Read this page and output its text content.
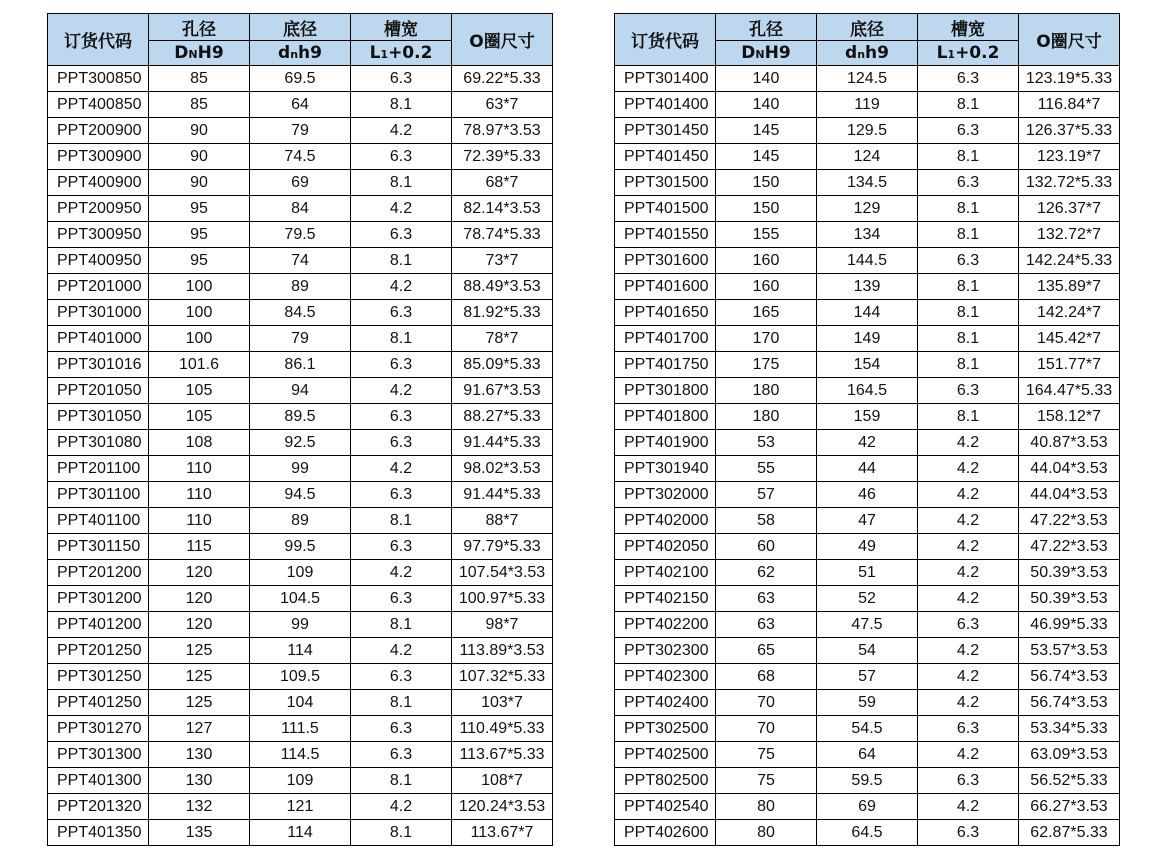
订货代码	孔径	底径	槽宽	O圈尺寸
	DNH9	dnh9	L1+0.2	
PPT300850	85	69.5	6.3	69.22*5.33
PPT400850	85	64	8.1	63*7
PPT200900	90	79	4.2	78.97*3.53
PPT300900	90	74.5	6.3	72.39*5.33
PPT400900	90	69	8.1	68*7
PPT200950	95	84	4.2	82.14*3.53
PPT300950	95	79.5	6.3	78.74*5.33
PPT400950	95	74	8.1	73*7
PPT201000	100	89	4.2	88.49*3.53
PPT301000	100	84.5	6.3	81.92*5.33
PPT401000	100	79	8.1	78*7
PPT301016	101.6	86.1	6.3	85.09*5.33
PPT201050	105	94	4.2	91.67*3.53
PPT301050	105	89.5	6.3	88.27*5.33
PPT301080	108	92.5	6.3	91.44*5.33
PPT201100	110	99	4.2	98.02*3.53
PPT301100	110	94.5	6.3	91.44*5.33
PPT401100	110	89	8.1	88*7
PPT301150	115	99.5	6.3	97.79*5.33
PPT201200	120	109	4.2	107.54*3.53
PPT301200	120	104.5	6.3	100.97*5.33
PPT401200	120	99	8.1	98*7
PPT201250	125	114	4.2	113.89*3.53
PPT301250	125	109.5	6.3	107.32*5.33
PPT401250	125	104	8.1	103*7
PPT301270	127	111.5	6.3	110.49*5.33
PPT301300	130	114.5	6.3	113.67*5.33
PPT401300	130	109	8.1	108*7
PPT201320	132	121	4.2	120.24*3.53
PPT401350	135	114	8.1	113.67*7
订货代码	孔径	底径	槽宽	O圈尺寸
	DNH9	dnh9	L1+0.2	
PPT301400	140	124.5	6.3	123.19*5.33
PPT401400	140	119	8.1	116.84*7
PPT301450	145	129.5	6.3	126.37*5.33
PPT401450	145	124	8.1	123.19*7
PPT301500	150	134.5	6.3	132.72*5.33
PPT401500	150	129	8.1	126.37*7
PPT401550	155	134	8.1	132.72*7
PPT301600	160	144.5	6.3	142.24*5.33
PPT401600	160	139	8.1	135.89*7
PPT401650	165	144	8.1	142.24*7
PPT401700	170	149	8.1	145.42*7
PPT401750	175	154	8.1	151.77*7
PPT301800	180	164.5	6.3	164.47*5.33
PPT401800	180	159	8.1	158.12*7
PPT401900	53	42	4.2	40.87*3.53
PPT301940	55	44	4.2	44.04*3.53
PPT302000	57	46	4.2	44.04*3.53
PPT402000	58	47	4.2	47.22*3.53
PPT402050	60	49	4.2	47.22*3.53
PPT402100	62	51	4.2	50.39*3.53
PPT402150	63	52	4.2	50.39*3.53
PPT402200	63	47.5	6.3	46.99*5.33
PPT302300	65	54	4.2	53.57*3.53
PPT402300	68	57	4.2	56.74*3.53
PPT402400	70	59	4.2	56.74*3.53
PPT302500	70	54.5	6.3	53.34*5.33
PPT402500	75	64	4.2	63.09*3.53
PPT802500	75	59.5	6.3	56.52*5.33
PPT402540	80	69	4.2	66.27*3.53
PPT402600	80	64.5	6.3	62.87*5.33
